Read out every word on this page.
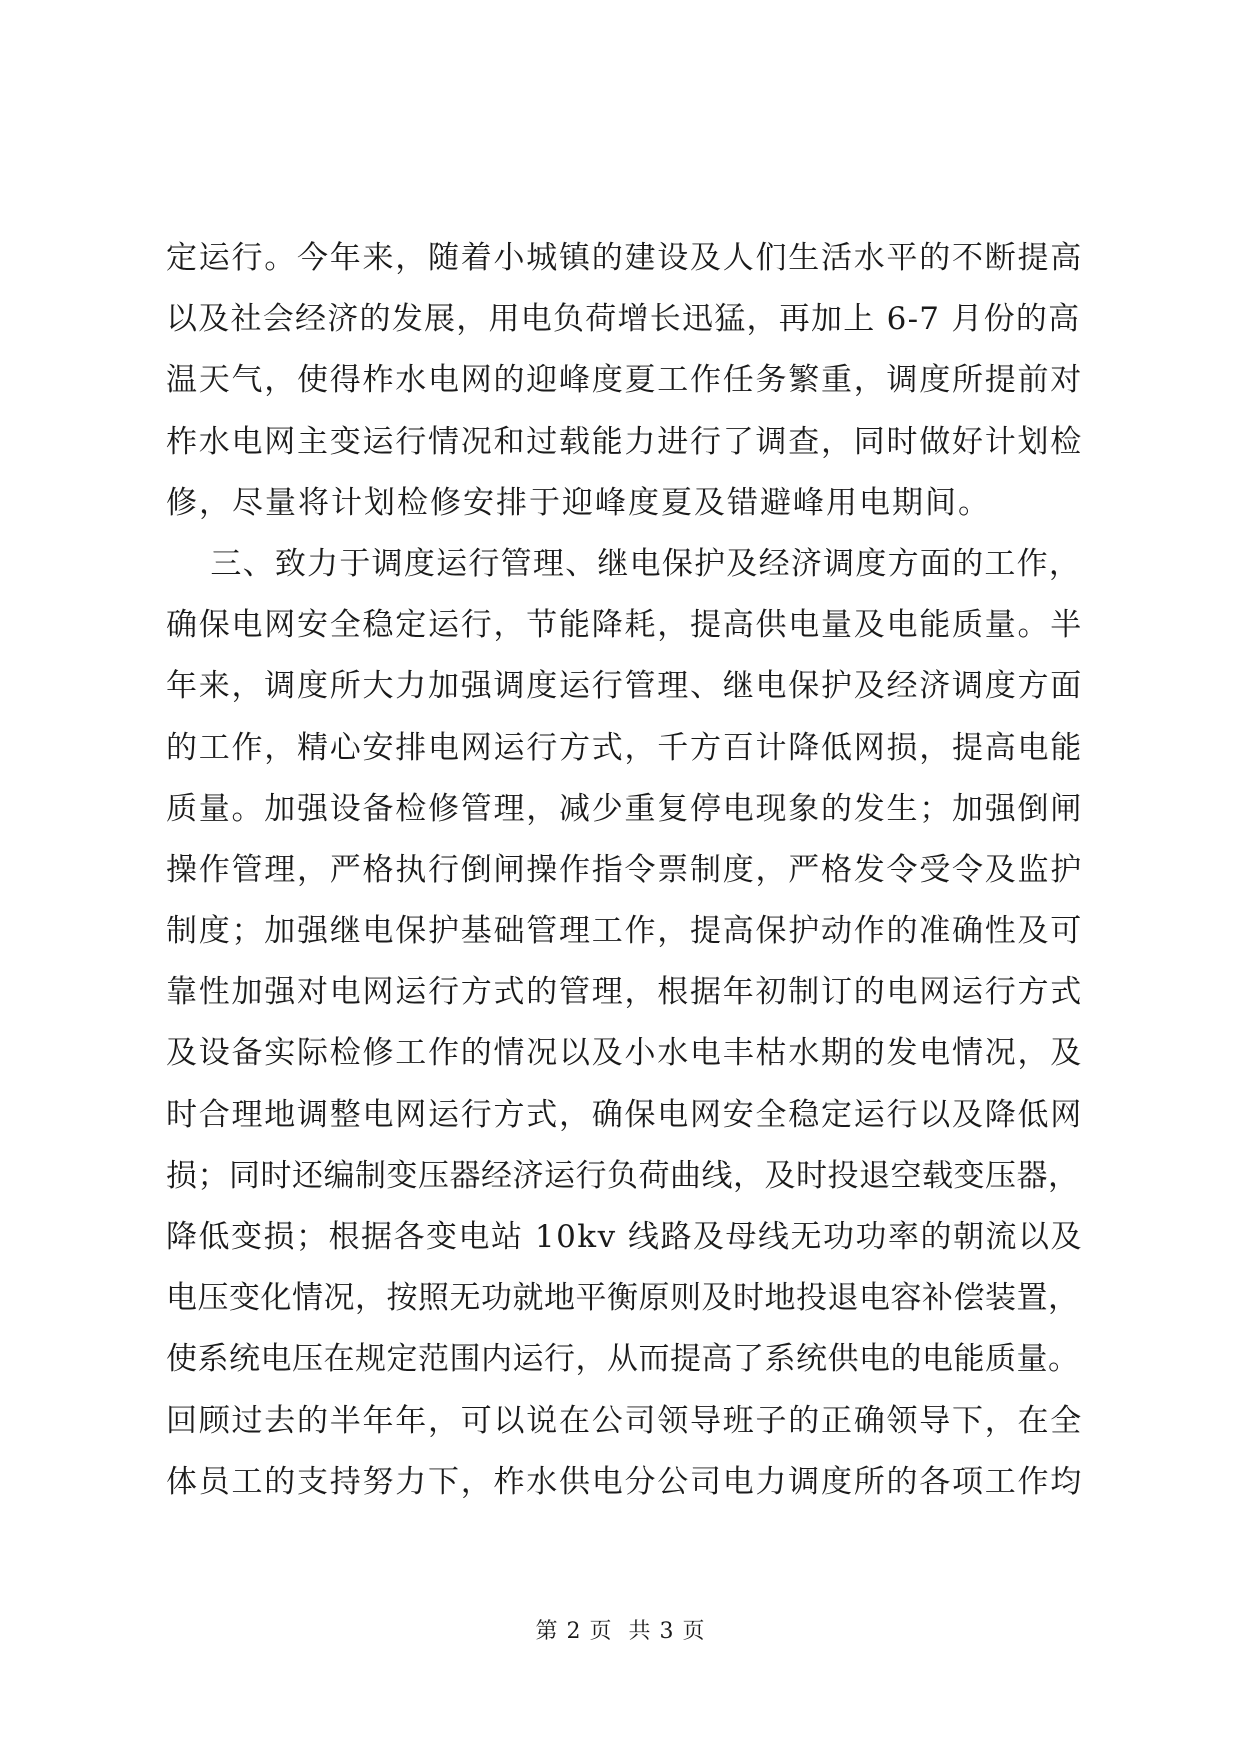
定运行。今年来，随着小城镇的建设及人们生活水平的不断提高
以及社会经济的发展，用电负荷增长迅猛，再加上 6-7 月份的高
温天气，使得柞水电网的迎峰度夏工作任务繁重，调度所提前对
柞水电网主变运行情况和过载能力进行了调查，同时做好计划检
修，尽量将计划检修安排于迎峰度夏及错避峰用电期间。
三、致力于调度运行管理、继电保护及经济调度方面的工作，
确保电网安全稳定运行，节能降耗，提高供电量及电能质量。半
年来，调度所大力加强调度运行管理、继电保护及经济调度方面
的工作，精心安排电网运行方式，千方百计降低网损，提高电能
质量。加强设备检修管理，减少重复停电现象的发生；加强倒闸
操作管理，严格执行倒闸操作指令票制度，严格发令受令及监护
制度；加强继电保护基础管理工作，提高保护动作的准确性及可
靠性加强对电网运行方式的管理，根据年初制订的电网运行方式
及设备实际检修工作的情况以及小水电丰枯水期的发电情况，及
时合理地调整电网运行方式，确保电网安全稳定运行以及降低网
损；同时还编制变压器经济运行负荷曲线，及时投退空载变压器，
降低变损；根据各变电站 10kv 线路及母线无功功率的朝流以及
电压变化情况，按照无功就地平衡原则及时地投退电容补偿装置，
使系统电压在规定范围内运行，从而提高了系统供电的电能质量。
回顾过去的半年年，可以说在公司领导班子的正确领导下，在全
体员工的支持努力下，柞水供电分公司电力调度所的各项工作均
第 2 页  共 3 页
